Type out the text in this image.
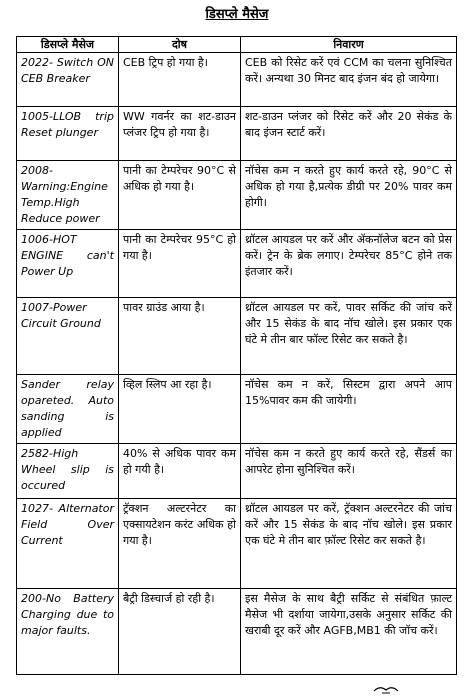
डिसप्ले मैसेज
डिसप्ले मैसेज	दोष	निवारण
2022- Switch ON CEB Breaker	CEB ट्रिप हो गया है।	CEB को रिसेट करें एवं CCM का चलना सुनिश्चित करें। अन्यथा 30 मिनट बाद इंजन बंद हो जायेगा।
1005-LLOB trip Reset plunger	WW गवर्नर का शट-डाउन प्लंजर ट्रिप हो गया है।	शट-डाउन प्लंजर को रिसेट करें और 20 सेकंड के बाद इंजन स्टार्ट करें।
2008- Warning:Engine Temp.High Reduce power	पानी का टेम्परेचर 90°C से अधिक हो गया है।	नॉचेस कम न करते हुए कार्य करते रहे, 90°C से अधिक हो गया है,प्रत्येक डीग्री पर 20% पावर कम होगी।
1006-HOT ENGINE can't Power Up	पानी का टेम्परेचर 95°C हो गया है।	थ्रॉटल आयडल पर करें और ॲकनॉलेज बटन को प्रेस करें। ट्रेन के ब्रेक लगाए। टेम्परेचर 85°C होने तक इंतजार करें।
1007-Power Circuit Ground	पावर ग्राउंड आया है।	थ्रॉटल आयडल पर करें, पावर सर्किट की जांच करें और 15 सेकंड के बाद नॉच खोले। इस प्रकार एक घंटे मे तीन बार फॉल्ट रिसेट कर सकते है।
Sander relay opareted. Auto sanding is applied	व्हिल स्लिप आ रहा है।	नॉचेस कम न करें, सिस्टम द्वारा अपने आप 15%पावर कम की जायेगी।
2582-High Wheel slip is occured	40% से अधिक पावर कम हो गयी है।	नॉचेस कम न करते हुए कार्य करते रहे, सैंडर्स का आपरेट होना सुनिश्चित करें।
1027- Alternator Field Over Current	ट्रॅक्शन अल्टरनेटर का एक्सायटेशन करंट अधिक हो गया है।	थ्रॉटल आयडल पर करें, ट्रॅक्शन अल्टरनेटर की जांच करें और 15 सेकंड के बाद नॉच खोले। इस प्रकार एक घंटे मे तीन बार फ़ॉल्ट रिसेट कर सकते है।
200-No Battery Charging due to major faults.	बैट्री डिस्चार्ज हो रही है।	इस मैसेज के साथ बैट्री सर्किट से संबंधित फ़ाल्ट मैसेज भी दर्शाया जायेगा,उसके अनुसार सर्किट की खराबी दूर करें और AGFB,MB1 की जॉच करें।
